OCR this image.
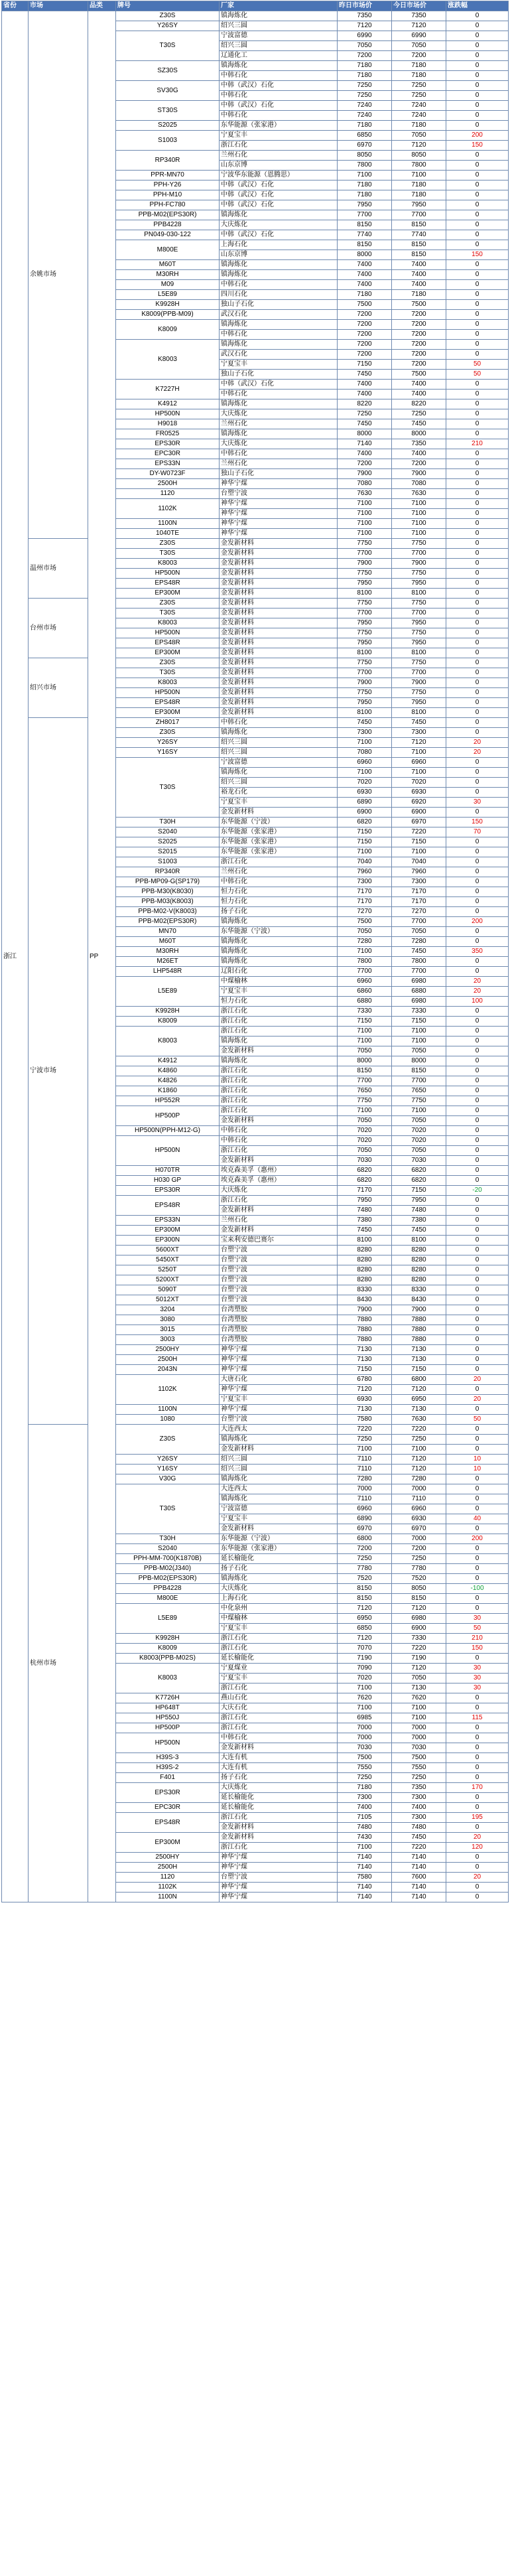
省份	市场	品类	牌号	厂家	昨日市场价	今日市场价	涨跌幅
浙江	余姚市场	PP	Z30S	镇海炼化	7350	7350	0
			Y26SY	绍兴三圆	7120	7120	0
			T30S	宁波富德	6990	6990	0
				绍兴三圆	7050	7050	0
				辽通化工	7200	7200	0
			SZ30S	镇海炼化	7180	7180	0
				中韩石化	7180	7180	0
			SV30G	中韩（武汉）石化	7250	7250	0
				中韩石化	7250	7250	0
			ST30S	中韩（武汉）石化	7240	7240	0
				中韩石化	7240	7240	0
			S2025	东华能源（张家港）	7180	7180	0
			S1003	宁夏宝丰	6850	7050	200
				浙江石化	6970	7120	150
			RP340R	兰州石化	8050	8050	0
				山东京博	7800	7800	0
			PPR-MN70	宁波华东能源（恩腾思）	7100	7100	0
			PPH-Y26	中韩（武汉）石化	7180	7180	0
			PPH-M10	中韩（武汉）石化	7180	7180	0
			PPH-FC780	中韩（武汉）石化	7950	7950	0
			PPB-M02(EPS30R)	镇海炼化	7700	7700	0
			PPB4228	大庆炼化	8150	8150	0
			PN049-030-122	中韩（武汉）石化	7740	7740	0
			M800E	上海石化	8150	8150	0
				山东京博	8000	8150	150
			M60T	镇海炼化	7400	7400	0
			M30RH	镇海炼化	7400	7400	0
			M09	中韩石化	7400	7400	0
			L5E89	四川石化	7180	7180	0
			K9928H	独山子石化	7500	7500	0
			K8009(PPB-M09)	武汉石化	7200	7200	0
			K8009	镇海炼化	7200	7200	0
				中韩石化	7200	7200	0
			K8003	镇海炼化	7200	7200	0
				武汉石化	7200	7200	0
				宁夏宝丰	7150	7200	50
				独山子石化	7450	7500	50
			K7227H	中韩（武汉）石化	7400	7400	0
				中韩石化	7400	7400	0
			K4912	镇海炼化	8220	8220	0
			HP500N	大庆炼化	7250	7250	0
			H9018	兰州石化	7450	7450	0
			FR0525	镇海炼化	8000	8000	0
			EPS30R	大庆炼化	7140	7350	210
			EPC30R	中韩石化	7400	7400	0
			EPS33N	兰州石化	7200	7200	0
			DY-W0723F	独山子石化	7900	7900	0
			2500H	神华宁煤	7080	7080	0
			1120	台塑宁波	7630	7630	0
			1102K	神华宁煤	7100	7100	0
				神华宁煤	7100	7100	0
			1100N	神华宁煤	7100	7100	0
			1040TE	神华宁煤	7100	7100	0
	温州市场		Z30S	金发新材料	7750	7750	0
			T30S	金发新材料	7700	7700	0
			K8003	金发新材料	7900	7900	0
			HP500N	金发新材料	7750	7750	0
			EPS48R	金发新材料	7950	7950	0
			EP300M	金发新材料	8100	8100	0
	台州市场		Z30S	金发新材料	7750	7750	0
			T30S	金发新材料	7700	7700	0
			K8003	金发新材料	7950	7950	0
			HP500N	金发新材料	7750	7750	0
			EPS48R	金发新材料	7950	7950	0
			EP300M	金发新材料	8100	8100	0
	绍兴市场		Z30S	金发新材料	7750	7750	0
			T30S	金发新材料	7700	7700	0
			K8003	金发新材料	7900	7900	0
			HP500N	金发新材料	7750	7750	0
			EPS48R	金发新材料	7950	7950	0
			EP300M	金发新材料	8100	8100	0
	宁波市场		ZH8017	中韩石化	7450	7450	0
			Z30S	镇海炼化	7300	7300	0
			Y26SY	绍兴三圆	7100	7120	20
			Y16SY	绍兴三圆	7080	7100	20
			T30S	宁波富德	6960	6960	0
				镇海炼化	7100	7100	0
				绍兴三圆	7020	7020	0
				裕龙石化	6930	6930	0
				宁夏宝丰	6890	6920	30
				金发新材料	6900	6900	0
			T30H	东华能源（宁波）	6820	6970	150
			S2040	东华能源（张家港）	7150	7220	70
			S2025	东华能源（张家港）	7150	7150	0
			S2015	东华能源（张家港）	7100	7100	0
			S1003	浙江石化	7040	7040	0
			RP340R	兰州石化	7960	7960	0
			PPB-MP09-G(SP179)	中韩石化	7300	7300	0
			PPB-M30(K8030)	恒力石化	7170	7170	0
			PPB-M03(K8003)	恒力石化	7170	7170	0
			PPB-M02-V(K8003)	扬子石化	7270	7270	0
			PPB-M02(EPS30R)	镇海炼化	7500	7700	200
			MN70	东华能源（宁波）	7050	7050	0
			M60T	镇海炼化	7280	7280	0
			M30RH	镇海炼化	7100	7450	350
			M26ET	镇海炼化	7800	7800	0
			LHP548R	辽阳石化	7700	7700	0
			L5E89	中煤榆林	6960	6980	20
				宁夏宝丰	6860	6880	20
				恒力石化	6880	6980	100
			K9928H	浙江石化	7330	7330	0
			K8009	浙江石化	7150	7150	0
			K8003	浙江石化	7100	7100	0
				镇海炼化	7100	7100	0
				金发新材料	7050	7050	0
			K4912	镇海炼化	8000	8000	0
			K4860	浙江石化	8150	8150	0
			K4826	浙江石化	7700	7700	0
			K1860	浙江石化	7650	7650	0
			HP552R	浙江石化	7750	7750	0
			HP500P	浙江石化	7100	7100	0
				金发新材料	7050	7050	0
			HP500N(PPH-M12-G)	中韩石化	7020	7020	0
			HP500N	中韩石化	7020	7020	0
				浙江石化	7050	7050	0
				金发新材料	7030	7030	0
			H070TR	埃克森美孚（惠州）	6820	6820	0
			H030 GP	埃克森美孚（惠州）	6820	6820	0
			EPS30R	大庆炼化	7170	7150	-20
			EPS48R	浙江石化	7950	7950	0
				金发新材料	7480	7480	0
			EPS33N	兰州石化	7380	7380	0
			EP300M	金发新材料	7450	7450	0
			EP300N	宝来利安德巴赛尔	8100	8100	0
			5600XT	台塑宁波	8280	8280	0
			5450XT	台塑宁波	8280	8280	0
			5250T	台塑宁波	8280	8280	0
			5200XT	台塑宁波	8280	8280	0
			5090T	台塑宁波	8330	8330	0
			5012XT	台塑宁波	8430	8430	0
			3204	台湾塑胶	7900	7900	0
			3080	台湾塑胶	7880	7880	0
			3015	台湾塑胶	7880	7880	0
			3003	台湾塑胶	7880	7880	0
			2500HY	神华宁煤	7130	7130	0
			2500H	神华宁煤	7130	7130	0
			2043N	神华宁煤	7150	7150	0
			1102K	大唐石化	6780	6800	20
				神华宁煤	7120	7120	0
				宁夏宝丰	6930	6950	20
			1100N	神华宁煤	7130	7130	0
			1080	台塑宁波	7580	7630	50
	杭州市场		Z30S	大连西太	7220	7220	0
				镇海炼化	7250	7250	0
				金发新材料	7100	7100	0
			Y26SY	绍兴三圆	7110	7120	10
			Y16SY	绍兴三圆	7110	7120	10
			V30G	镇海炼化	7280	7280	0
			T30S	大连西太	7000	7000	0
				镇海炼化	7110	7110	0
				宁波富德	6960	6960	0
				宁夏宝丰	6890	6930	40
				金发新材料	6970	6970	0
			T30H	东华能源（宁波）	6800	7000	200
			S2040	东华能源（张家港）	7200	7200	0
			PPH-MM-700(K1870B)	延长榆能化	7250	7250	0
			PPB-M02(J340)	扬子石化	7780	7780	0
			PPB-M02(EPS30R)	镇海炼化	7520	7520	0
			PPB4228	大庆炼化	8150	8050	-100
			M800E	上海石化	8150	8150	0
			L5E89	中化泉州	7120	7120	0
				中煤榆林	6950	6980	30
				宁夏宝丰	6850	6900	50
			K9928H	浙江石化	7120	7330	210
			K8009	浙江石化	7070	7220	150
			K8003(PPB-M02S)	延长榆能化	7190	7190	0
			K8003	宁夏煤业	7090	7120	30
				宁夏宝丰	7020	7050	30
				浙江石化	7100	7130	30
			K7726H	燕山石化	7620	7620	0
			HP648T	大庆石化	7100	7100	0
			HP550J	浙江石化	6985	7100	115
			HP500P	浙江石化	7000	7000	0
			HP500N	中韩石化	7000	7000	0
				金发新材料	7030	7030	0
			H39S-3	大连有机	7500	7500	0
			H39S-2	大连有机	7550	7550	0
			F401	扬子石化	7250	7250	0
			EPS30R	大庆炼化	7180	7350	170
				延长榆能化	7300	7300	0
			EPC30R	延长榆能化	7400	7400	0
			EPS48R	浙江石化	7105	7300	195
				金发新材料	7480	7480	0
			EP300M	金发新材料	7430	7450	20
				浙江石化	7100	7220	120
			2500HY	神华宁煤	7140	7140	0
			2500H	神华宁煤	7140	7140	0
			1120	台塑宁波	7580	7600	20
			1102K	神华宁煤	7140	7140	0
			1100N	神华宁煤	7140	7140	0
